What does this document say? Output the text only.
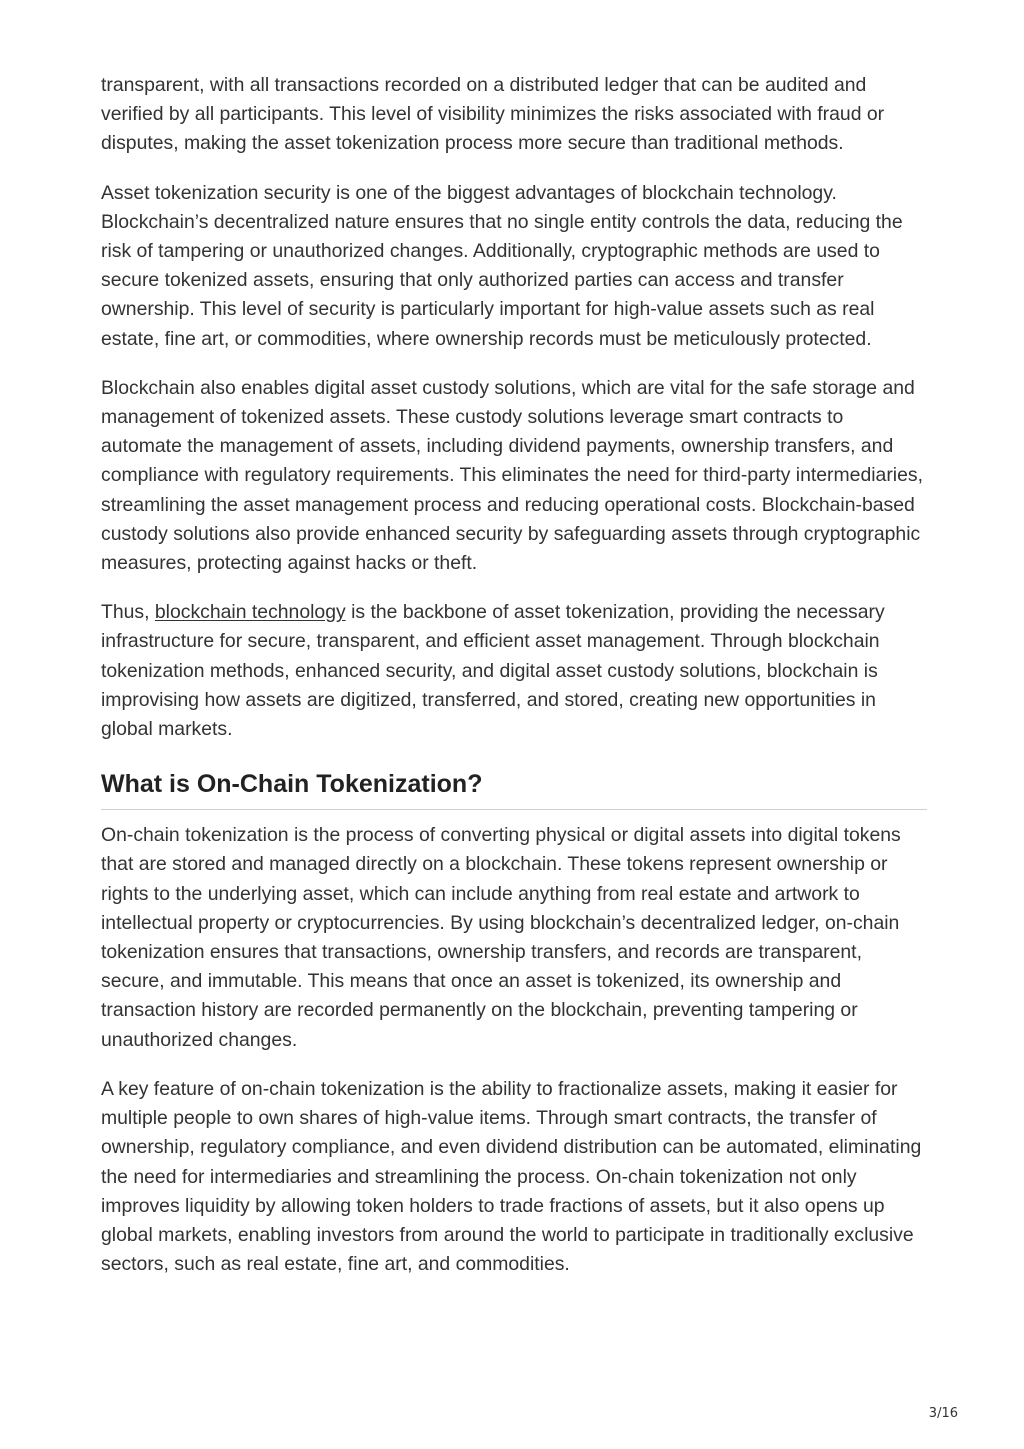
transparent, with all transactions recorded on a distributed ledger that can be audited and verified by all participants. This level of visibility minimizes the risks associated with fraud or disputes, making the asset tokenization process more secure than traditional methods.

Asset tokenization security is one of the biggest advantages of blockchain technology. Blockchain’s decentralized nature ensures that no single entity controls the data, reducing the risk of tampering or unauthorized changes. Additionally, cryptographic methods are used to secure tokenized assets, ensuring that only authorized parties can access and transfer ownership. This level of security is particularly important for high-value assets such as real estate, fine art, or commodities, where ownership records must be meticulously protected.

Blockchain also enables digital asset custody solutions, which are vital for the safe storage and management of tokenized assets. These custody solutions leverage smart contracts to automate the management of assets, including dividend payments, ownership transfers, and compliance with regulatory requirements. This eliminates the need for third-party intermediaries, streamlining the asset management process and reducing operational costs. Blockchain-based custody solutions also provide enhanced security by safeguarding assets through cryptographic measures, protecting against hacks or theft.

Thus, blockchain technology is the backbone of asset tokenization, providing the necessary infrastructure for secure, transparent, and efficient asset management. Through blockchain tokenization methods, enhanced security, and digital asset custody solutions, blockchain is improvising how assets are digitized, transferred, and stored, creating new opportunities in global markets.

What is On-Chain Tokenization?

On-chain tokenization is the process of converting physical or digital assets into digital tokens that are stored and managed directly on a blockchain. These tokens represent ownership or rights to the underlying asset, which can include anything from real estate and artwork to intellectual property or cryptocurrencies. By using blockchain’s decentralized ledger, on-chain tokenization ensures that transactions, ownership transfers, and records are transparent, secure, and immutable. This means that once an asset is tokenized, its ownership and transaction history are recorded permanently on the blockchain, preventing tampering or unauthorized changes.

A key feature of on-chain tokenization is the ability to fractionalize assets, making it easier for multiple people to own shares of high-value items. Through smart contracts, the transfer of ownership, regulatory compliance, and even dividend distribution can be automated, eliminating the need for intermediaries and streamlining the process. On-chain tokenization not only improves liquidity by allowing token holders to trade fractions of assets, but it also opens up global markets, enabling investors from around the world to participate in traditionally exclusive sectors, such as real estate, fine art, and commodities.

3/16
